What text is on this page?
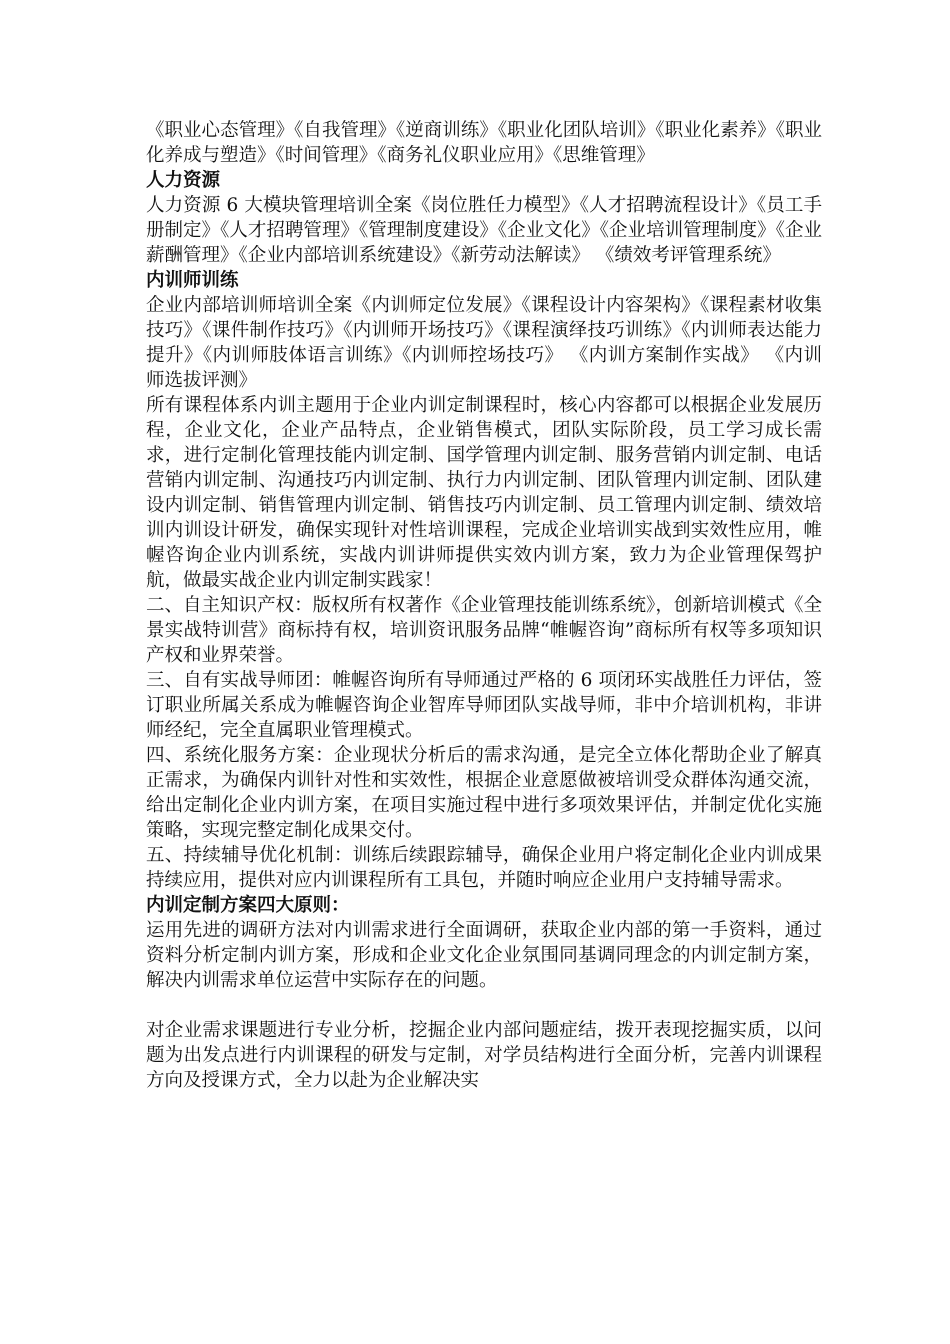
《职业心态管理》《自我管理》《逆商训练》《职业化团队培训》《职业化素养》《职业化养成与塑造》《时间管理》《商务礼仪职业应用》《思维管理》

人力资源

人力资源 6 大模块管理培训全案《岗位胜任力模型》《人才招聘流程设计》《员工手册制定》《人才招聘管理》《管理制度建设》《企业文化》《企业培训管理制度》《企业薪酬管理》《企业内部培训系统建设》《新劳动法解读》 《绩效考评管理系统》

内训师训练

企业内部培训师培训全案《内训师定位发展》《课程设计内容架构》《课程素材收集技巧》《课件制作技巧》《内训师开场技巧》《课程演绎技巧训练》《内训师表达能力提升》《内训师肢体语言训练》《内训师控场技巧》 《内训方案制作实战》 《内训师选拔评测》

所有课程体系内训主题用于企业内训定制课程时，核心内容都可以根据企业发展历程，企业文化，企业产品特点，企业销售模式，团队实际阶段，员工学习成长需求，进行定制化管理技能内训定制、国学管理内训定制、服务营销内训定制、电话营销内训定制、沟通技巧内训定制、执行力内训定制、团队管理内训定制、团队建设内训定制、销售管理内训定制、销售技巧内训定制、员工管理内训定制、绩效培训内训设计研发，确保实现针对性培训课程，完成企业培训实战到实效性应用，帷幄咨询企业内训系统，实战内训讲师提供实效内训方案，致力为企业管理保驾护航，做最实战企业内训定制实践家！

二、自主知识产权：版权所有权著作《企业管理技能训练系统》，创新培训模式《全景实战特训营》商标持有权，培训资讯服务品牌“帷幄咨询”商标所有权等多项知识产权和业界荣誉。

三、自有实战导师团：帷幄咨询所有导师通过严格的 6 项闭环实战胜任力评估，签订职业所属关系成为帷幄咨询企业智库导师团队实战导师，非中介培训机构，非讲师经纪，完全直属职业管理模式。

四、系统化服务方案：企业现状分析后的需求沟通，是完全立体化帮助企业了解真正需求，为确保内训针对性和实效性，根据企业意愿做被培训受众群体沟通交流，给出定制化企业内训方案，在项目实施过程中进行多项效果评估，并制定优化实施策略，实现完整定制化成果交付。

五、持续辅导优化机制：训练后续跟踪辅导，确保企业用户将定制化企业内训成果持续应用，提供对应内训课程所有工具包，并随时响应企业用户支持辅导需求。

内训定制方案四大原则：

运用先进的调研方法对内训需求进行全面调研，获取企业内部的第一手资料，通过资料分析定制内训方案，形成和企业文化企业氛围同基调同理念的内训定制方案，解决内训需求单位运营中实际存在的问题。

对企业需求课题进行专业分析，挖掘企业内部问题症结，拨开表现挖掘实质，以问题为出发点进行内训课程的研发与定制，对学员结构进行全面分析，完善内训课程方向及授课方式，全力以赴为企业解决实
